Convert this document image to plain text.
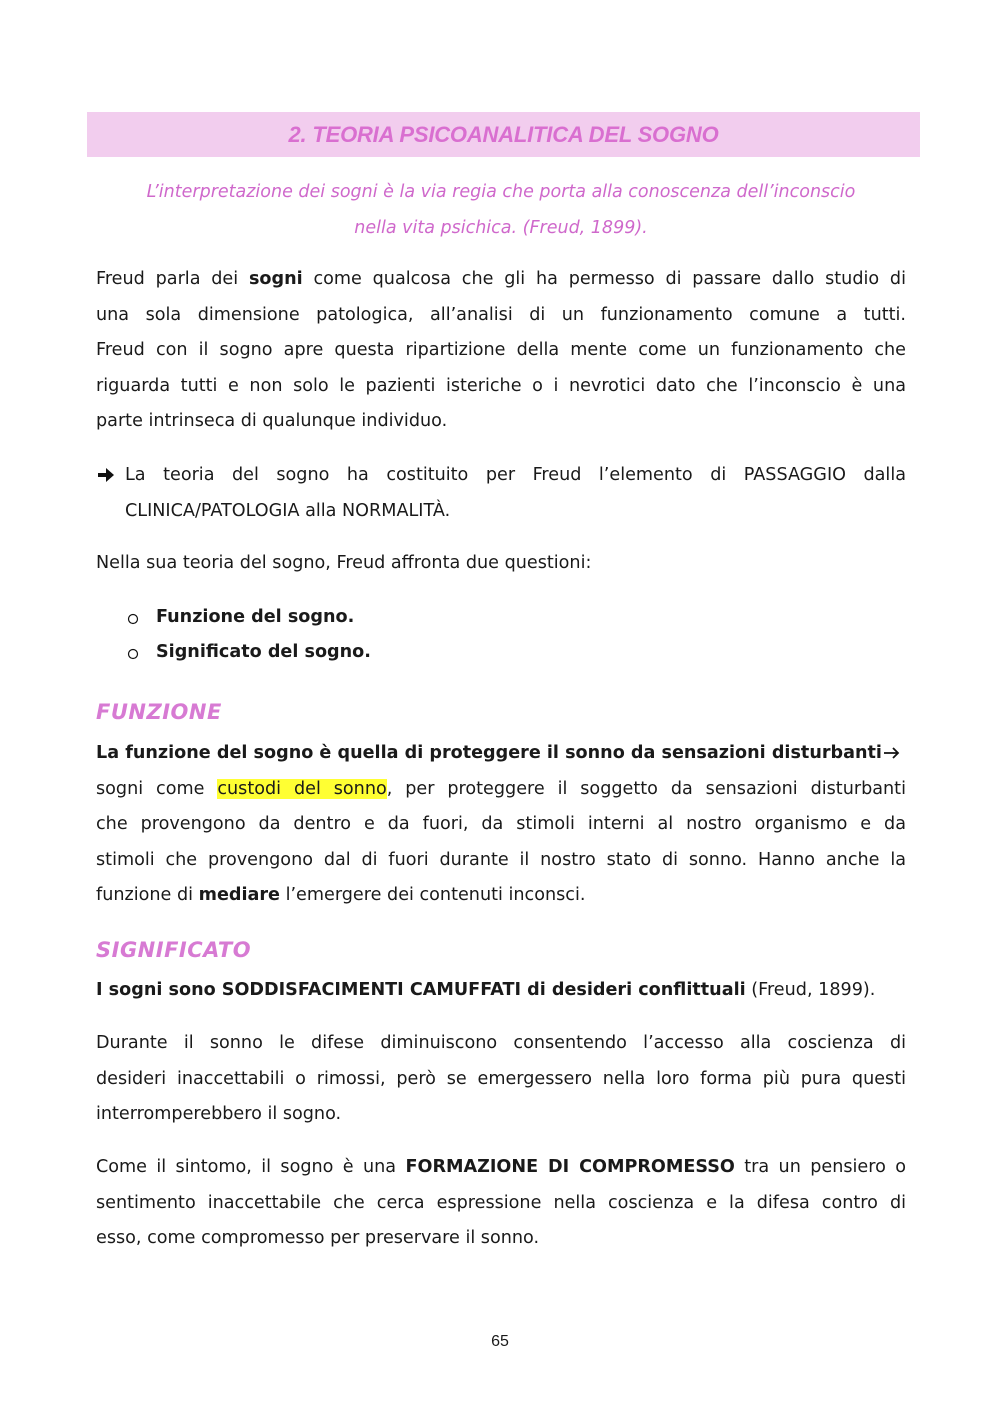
2. TEORIA PSICOANALITICA DEL SOGNO
L’interpretazione dei sogni è la via regia che porta alla conoscenza dell’inconscio
nella vita psichica. (Freud, 1899).
Freud parla dei sogni come qualcosa che gli ha permesso di passare dallo studio di
una sola dimensione patologica, all’analisi di un funzionamento comune a tutti.
Freud con il sogno apre questa ripartizione della mente come un funzionamento che
riguarda tutti e non solo le pazienti isteriche o i nevrotici dato che l’inconscio è una
parte intrinseca di qualunque individuo.
La teoria del sogno ha costituito per Freud l’elemento di PASSAGGIO dalla
CLINICA/PATOLOGIA alla NORMALITÀ.
Nella sua teoria del sogno, Freud affronta due questioni:
Funzione del sogno.
Significato del sogno.
FUNZIONE
La funzione del sogno è quella di proteggere il sonno da sensazioni disturbanti
sogni come custodi del sonno, per proteggere il soggetto da sensazioni disturbanti
che provengono da dentro e da fuori, da stimoli interni al nostro organismo e da
stimoli che provengono dal di fuori durante il nostro stato di sonno. Hanno anche la
funzione di mediare l’emergere dei contenuti inconsci.
SIGNIFICATO
I sogni sono SODDISFACIMENTI CAMUFFATI di desideri conflittuali (Freud, 1899).
Durante il sonno le difese diminuiscono consentendo l’accesso alla coscienza di
desideri inaccettabili o rimossi, però se emergessero nella loro forma più pura questi
interromperebbero il sogno.
Come il sintomo, il sogno è una FORMAZIONE DI COMPROMESSO tra un pensiero o
sentimento inaccettabile che cerca espressione nella coscienza e la difesa contro di
esso, come compromesso per preservare il sonno.
65
